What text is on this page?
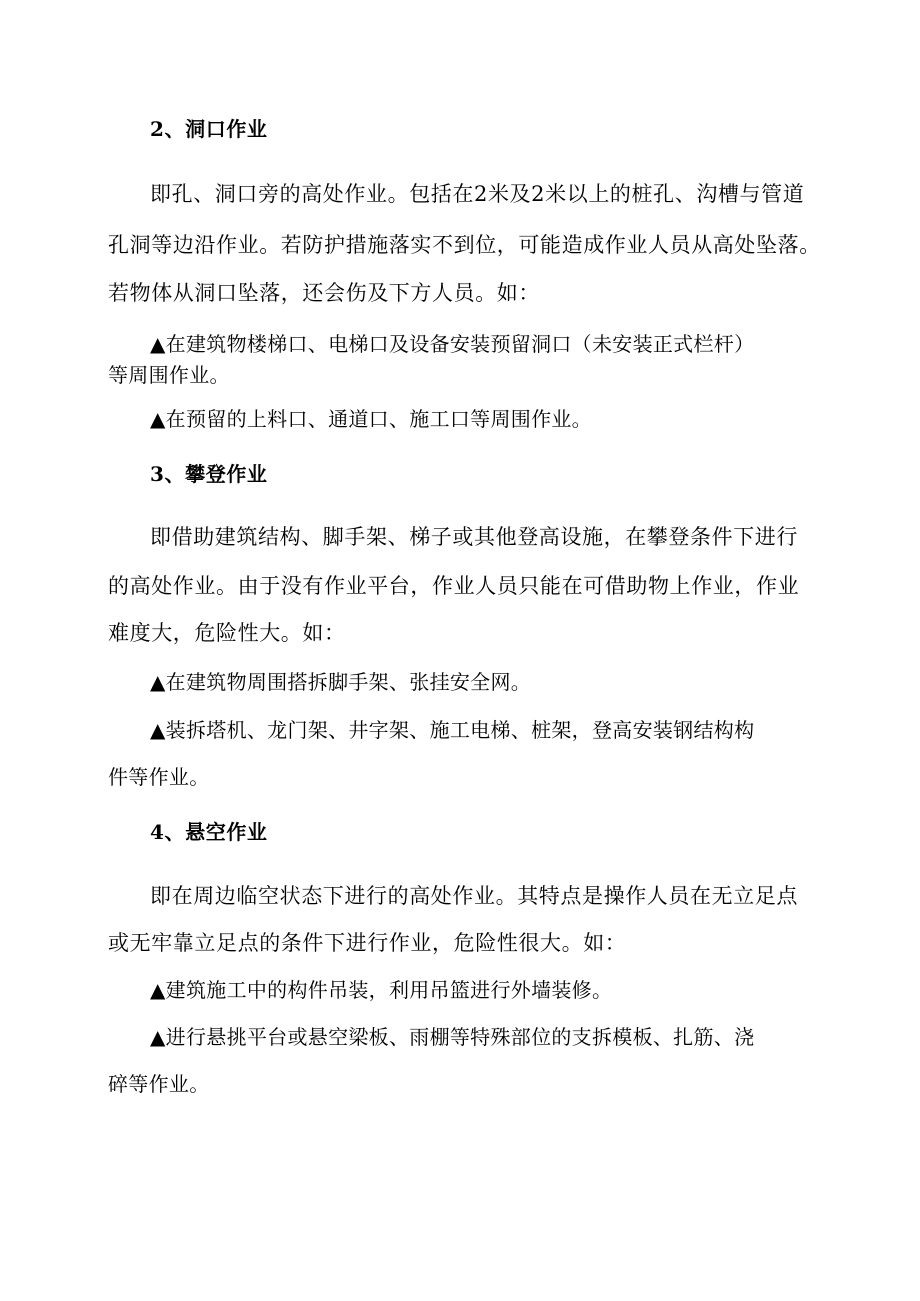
2、洞口作业
即孔、洞口旁的高处作业。包括在2米及2米以上的桩孔、沟槽与管道
孔洞等边沿作业。若防护措施落实不到位，可能造成作业人员从高处坠落。
若物体从洞口坠落，还会伤及下方人员。如：
▲在建筑物楼梯口、电梯口及设备安装预留洞口（未安装正式栏杆）
等周围作业。
▲在预留的上料口、通道口、施工口等周围作业。
3、攀登作业
即借助建筑结构、脚手架、梯子或其他登高设施，在攀登条件下进行
的高处作业。由于没有作业平台，作业人员只能在可借助物上作业，作业
难度大，危险性大。如：
▲在建筑物周围搭拆脚手架、张挂安全网。
▲装拆塔机、龙门架、井字架、施工电梯、桩架，登高安装钢结构构
件等作业。
4、悬空作业
即在周边临空状态下进行的高处作业。其特点是操作人员在无立足点
或无牢靠立足点的条件下进行作业，危险性很大。如：
▲建筑施工中的构件吊装，利用吊篮进行外墙装修。
▲进行悬挑平台或悬空梁板、雨棚等特殊部位的支拆模板、扎筋、浇
碎等作业。
